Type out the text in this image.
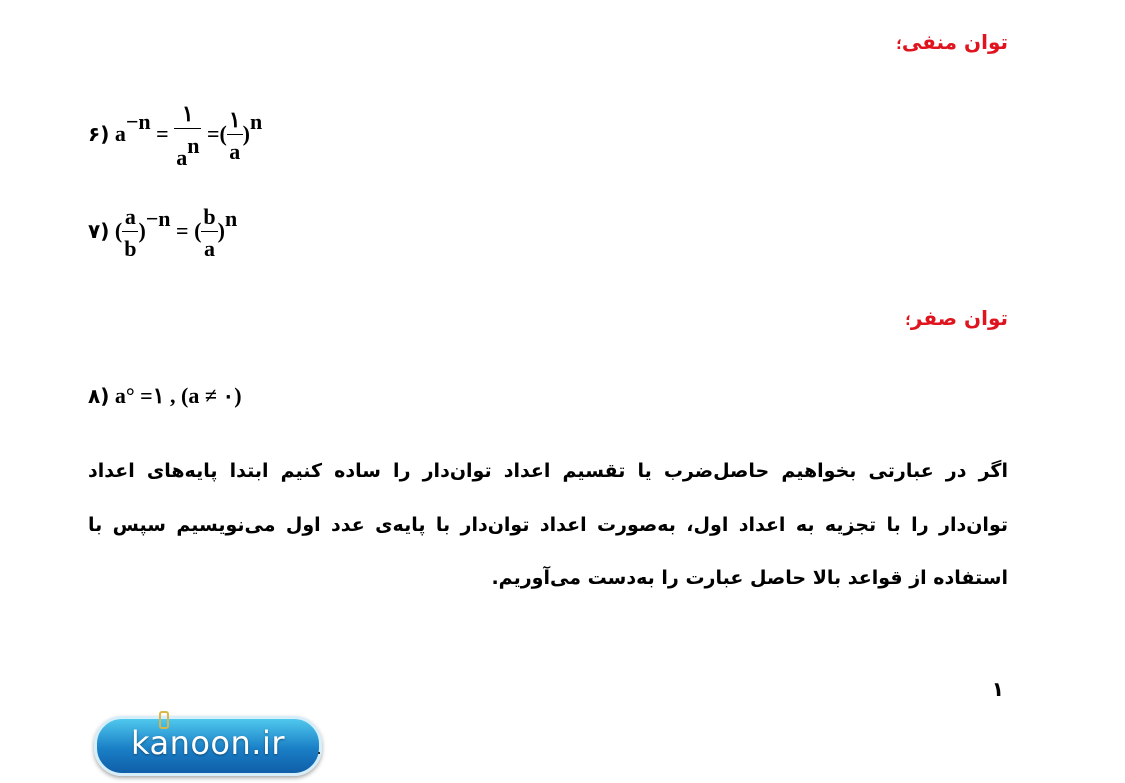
توان منفی؛
۶) $a-n = \frac{۱}{an}$ =( $\frac{۱}{a} )n$
۷) ( $\frac{a}{b} )-n$ = ( $\frac{b}{a} )n$
توان صفر؛
۸) a° =۱ , (a ≠ ۰)
اگر در عبارتی بخواهیم حاصل‌ضرب یا تقسیم اعداد توان‌دار را ساده کنیم ابتدا پایه‌های اعداد
توان‌دار را با تجزیه به اعداد اول، به‌صورت اعداد توان‌دار با پایه‌ی عدد اول می‌نویسیم سپس با
استفاده از قواعد بالا حاصل عبارت را به‌دست می‌آوریم.
۱
kanoon.ir
